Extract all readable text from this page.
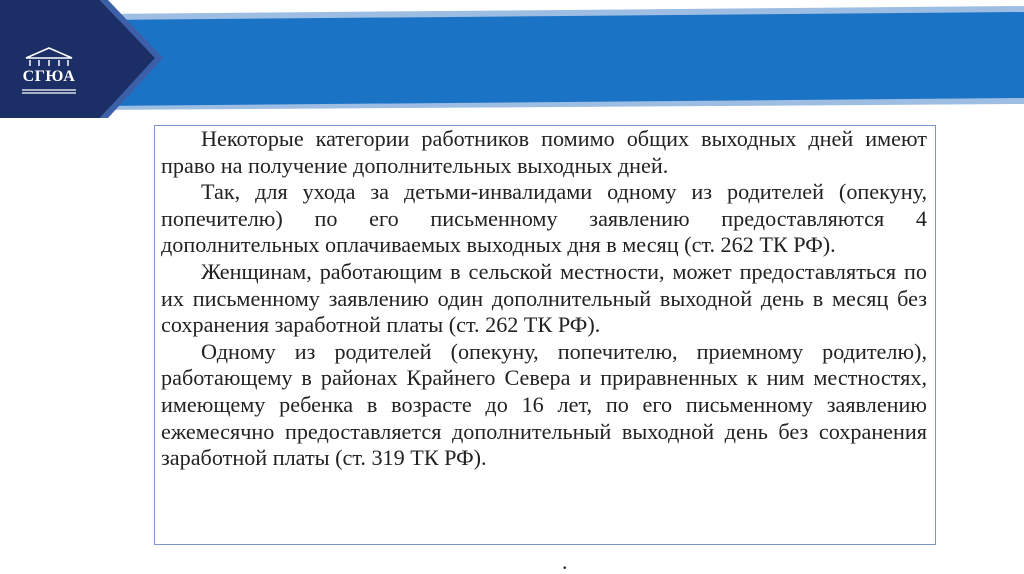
СГЮА

Некоторые категории работников помимо общих выходных дней имеют право на получение дополнительных выходных дней.

Так, для ухода за детьми-инвалидами одному из родителей (опекуну, попечителю) по его письменному заявлению предоставляются 4 дополнительных оплачиваемых выходных дня в месяц (ст. 262 ТК РФ).

Женщинам, работающим в сельской местности, может предоставляться по их письменному заявлению один дополнительный выходной день в месяц без сохранения заработной платы (ст. 262 ТК РФ).

Одному из родителей (опекуну, попечителю, приемному родителю), работающему в районах Крайнего Севера и приравненных к ним местностях, имеющему ребенка в возрасте до 16 лет, по его письменному заявлению ежемесячно предоставляется дополнительный выходной день без сохранения заработной платы (ст. 319 ТК РФ).

.
